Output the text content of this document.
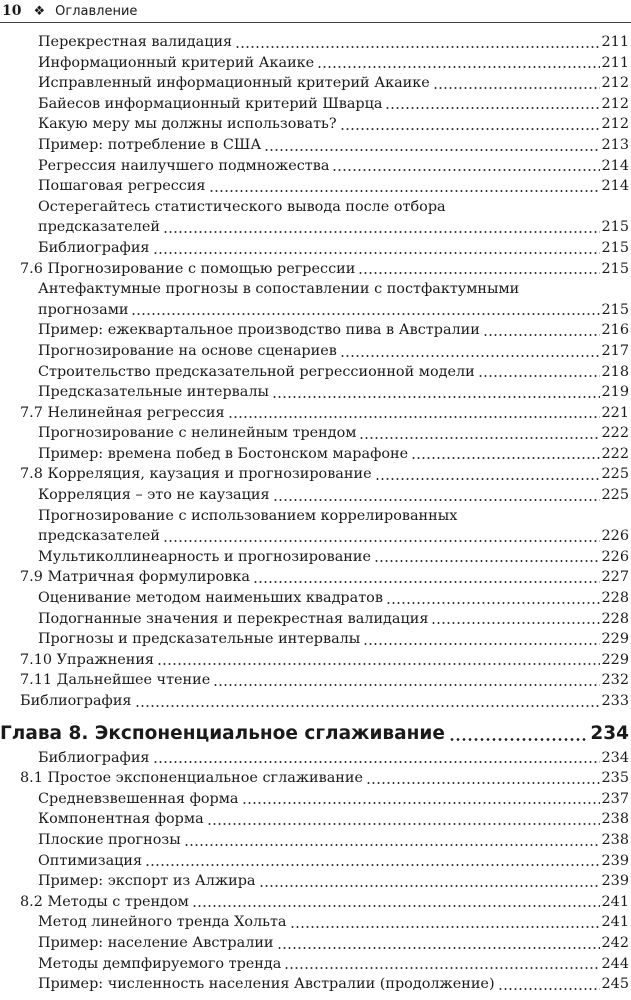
10 ❖ Оглавление
Перекрестная валидация	211
Информационный критерий Акаике	211
Исправленный информационный критерий Акаике	212
Байесов информационный критерий Шварца	212
Какую меру мы должны использовать?	212
Пример: потребление в США	213
Регрессия наилучшего подмножества	214
Пошаговая регрессия	214
Остерегайтесь статистического вывода после отбора
предсказателей	215
Библиография	215
7.6 Прогнозирование с помощью регрессии	215
Антефактумные прогнозы в сопоставлении с постфактумными
прогнозами	215
Пример: ежеквартальное производство пива в Австралии	216
Прогнозирование на основе сценариев	217
Строительство предсказательной регрессионной модели	218
Предсказательные интервалы	219
7.7 Нелинейная регрессия	221
Прогнозирование с нелинейным трендом	222
Пример: времена побед в Бостонском марафоне	222
7.8 Корреляция, каузация и прогнозирование	225
Корреляция – это не каузация	225
Прогнозирование с использованием коррелированных
предсказателей	226
Мультиколлинеарность и прогнозирование	226
7.9 Матричная формулировка	227
Оценивание методом наименьших квадратов	228
Подогнанные значения и перекрестная валидация	228
Прогнозы и предсказательные интервалы	229
7.10 Упражнения	229
7.11 Дальнейшее чтение	232
Библиография	233
Глава 8. Экспоненциальное сглаживание	234
Библиография	234
8.1 Простое экспоненциальное сглаживание	235
Средневзвешенная форма	237
Компонентная форма	238
Плоские прогнозы	238
Оптимизация	239
Пример: экспорт из Алжира	239
8.2 Методы с трендом	241
Метод линейного тренда Хольта	241
Пример: население Австралии	242
Методы демпфируемого тренда	244
Пример: численность населения Австралии (продолжение)	245
